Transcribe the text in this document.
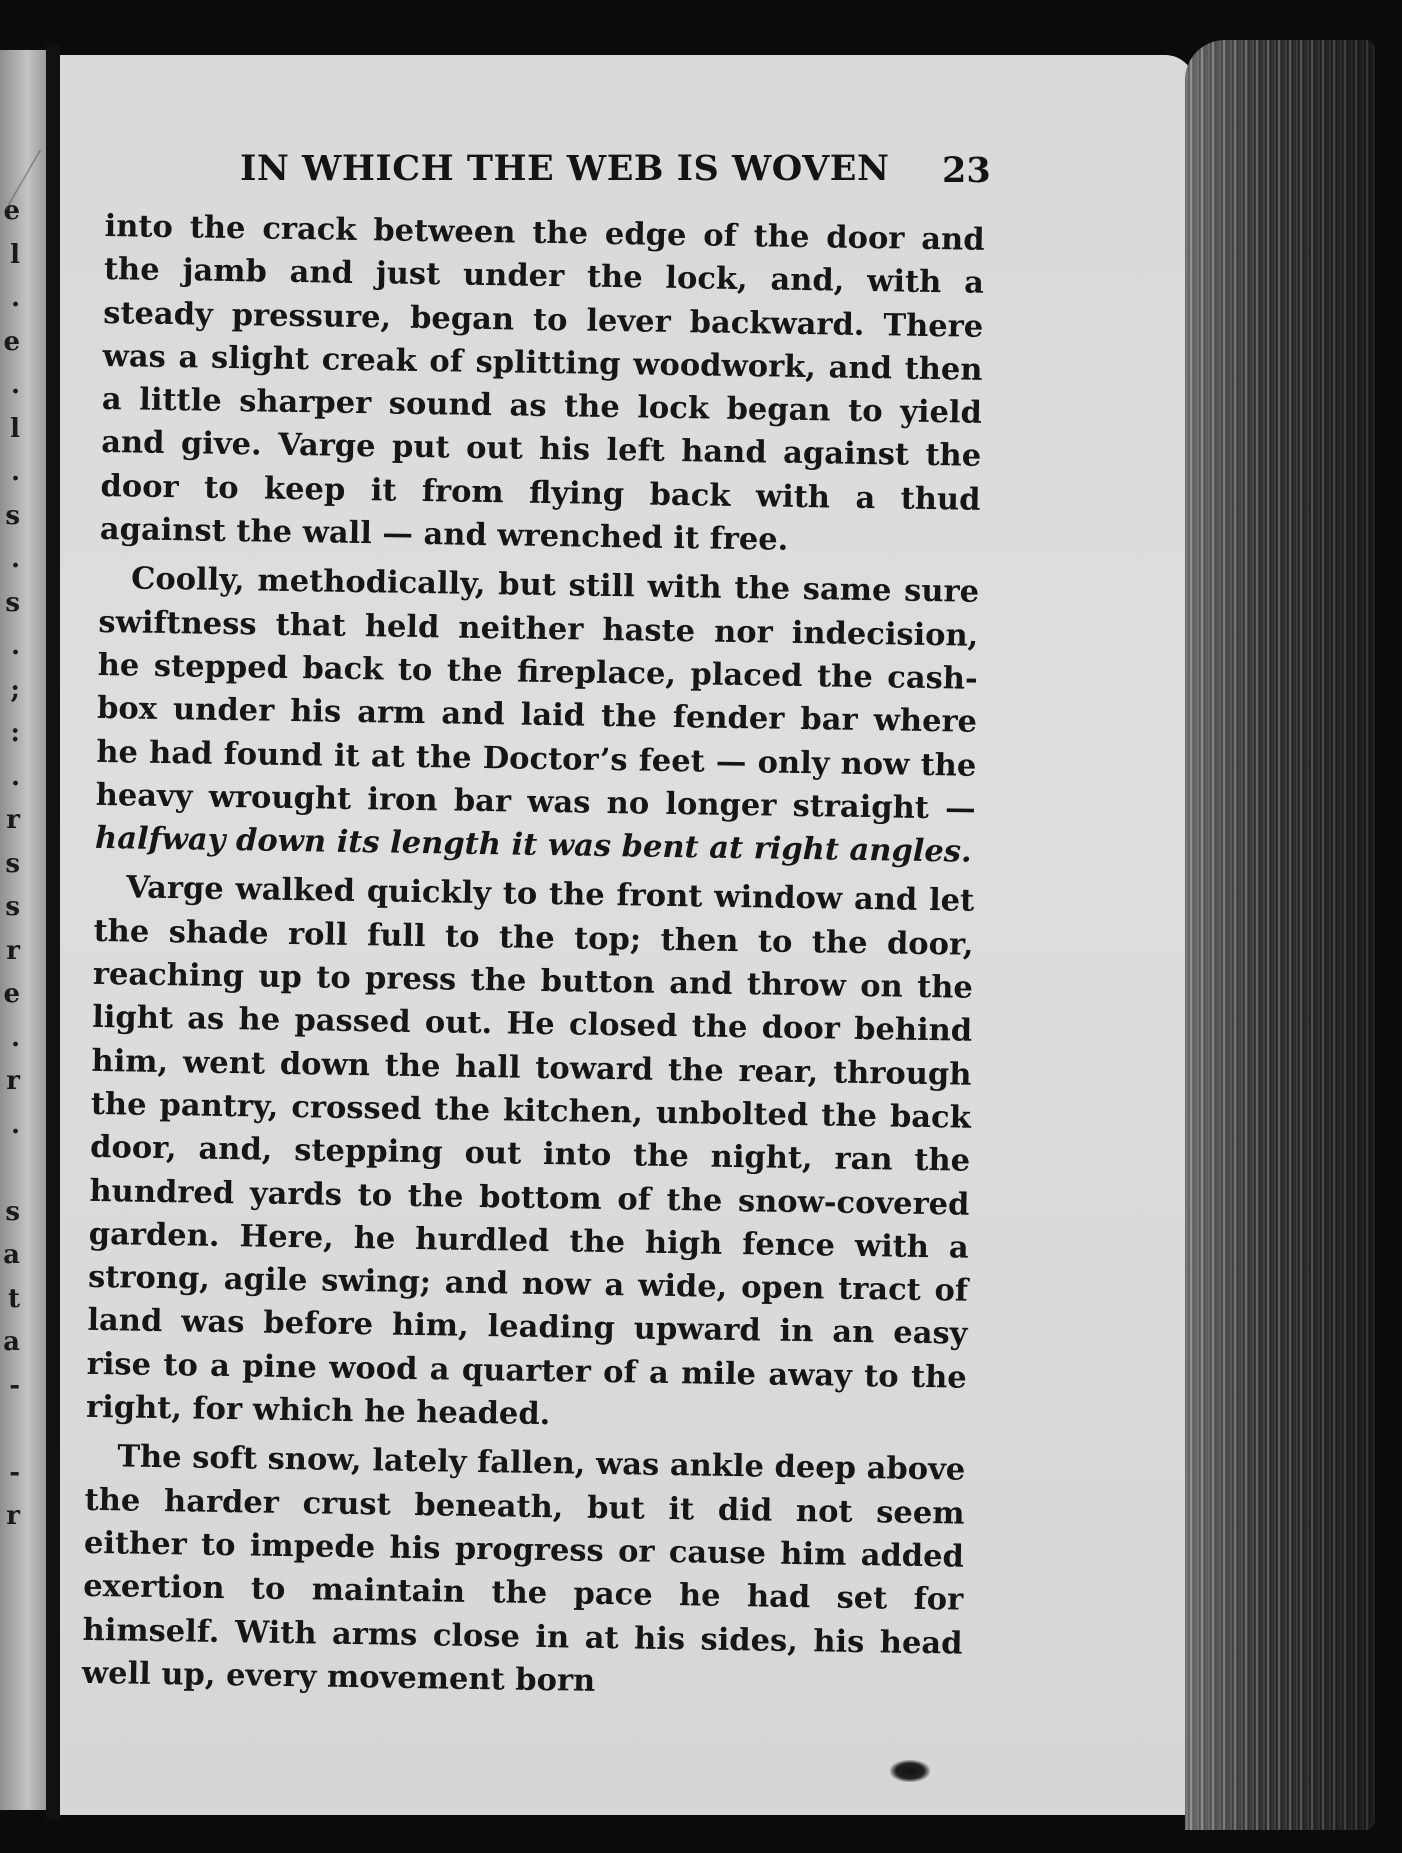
e
l
.
e
.
l
.
s
.
s
.
;
:
.
r
s
s
r
e
.
r
.

s
a
t
a
-

-
r
IN WHICH THE WEB IS WOVEN 23

into the crack between the edge of the door and the jamb and just under the lock, and, with a steady pressure, began to lever backward. There was a slight creak of splitting woodwork, and then a little sharper sound as the lock began to yield and give. Varge put out his left hand against the door to keep it from flying back with a thud against the wall — and wrenched it free.

Coolly, methodically, but still with the same sure swiftness that held neither haste nor indecision, he stepped back to the fireplace, placed the cash-box under his arm and laid the fender bar where he had found it at the Doctor’s feet — only now the heavy wrought iron bar was no longer straight — halfway down its length it was bent at right angles.

Varge walked quickly to the front window and let the shade roll full to the top; then to the door, reaching up to press the button and throw on the light as he passed out. He closed the door behind him, went down the hall toward the rear, through the pantry, crossed the kitchen, unbolted the back door, and, stepping out into the night, ran the hundred yards to the bottom of the snow-covered garden. Here, he hurdled the high fence with a strong, agile swing; and now a wide, open tract of land was before him, leading upward in an easy rise to a pine wood a quarter of a mile away to the right, for which he headed.

The soft snow, lately fallen, was ankle deep above the harder crust beneath, but it did not seem either to impede his progress or cause him added exertion to maintain the pace he had set for himself. With arms close in at his sides, his head well up, every movement born
